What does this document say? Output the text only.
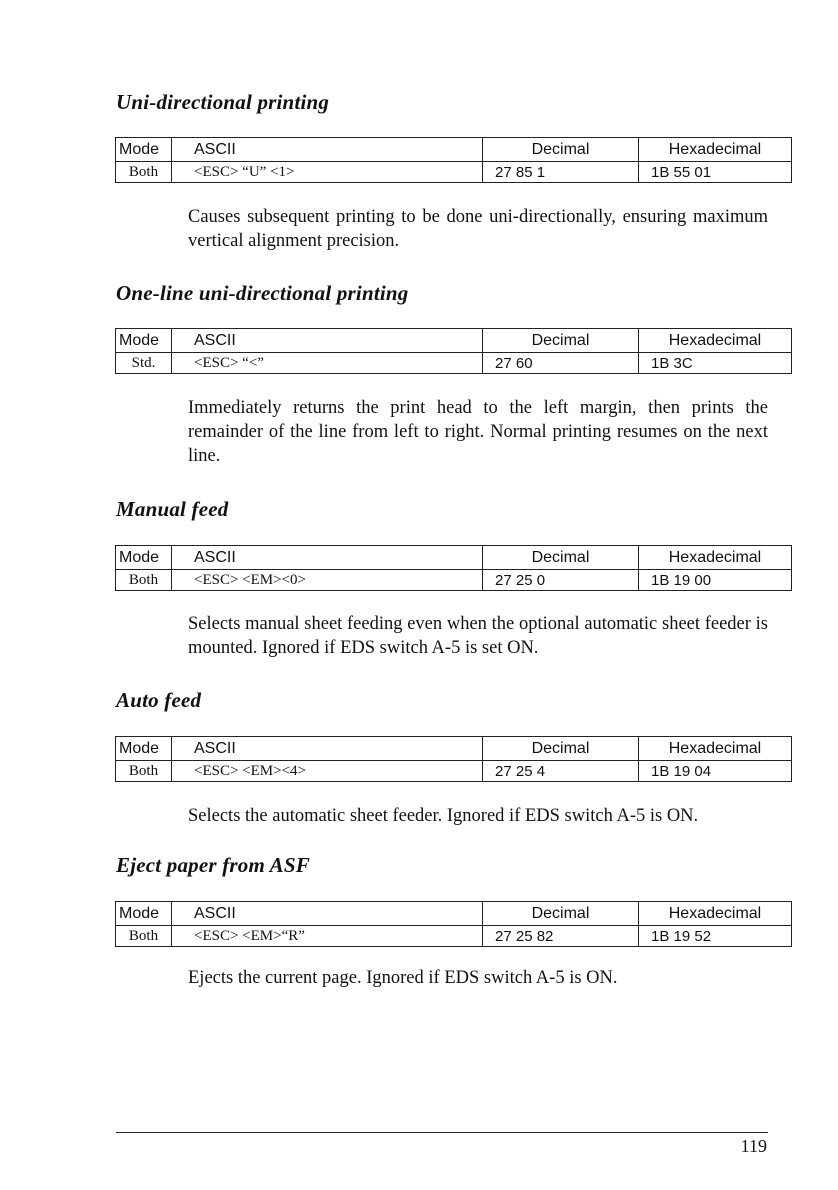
Uni-directional printing
Mode	ASCII	Decimal	Hexadecimal
Both	<ESC> “U” <1>	27 85 1	1B 55 01

Causes subsequent printing to be done uni-directionally, ensuring maximum vertical alignment precision.

One-line uni-directional printing
Mode	ASCII	Decimal	Hexadecimal
Std.	<ESC> “<”	27 60	1B 3C

Immediately returns the print head to the left margin, then prints the remainder of the line from left to right. Normal printing resumes on the next line.

Manual feed
Mode	ASCII	Decimal	Hexadecimal
Both	<ESC> <EM><0>	27 25 0	1B 19 00

Selects manual sheet feeding even when the optional automatic sheet feeder is mounted. Ignored if EDS switch A-5 is set ON.

Auto feed
Mode	ASCII	Decimal	Hexadecimal
Both	<ESC> <EM><4>	27 25 4	1B 19 04

Selects the automatic sheet feeder. Ignored if EDS switch A-5 is ON.

Eject paper from ASF
Mode	ASCII	Decimal	Hexadecimal
Both	<ESC> <EM>“R”	27 25 82	1B 19 52

Ejects the current page. Ignored if EDS switch A-5 is ON.

119
